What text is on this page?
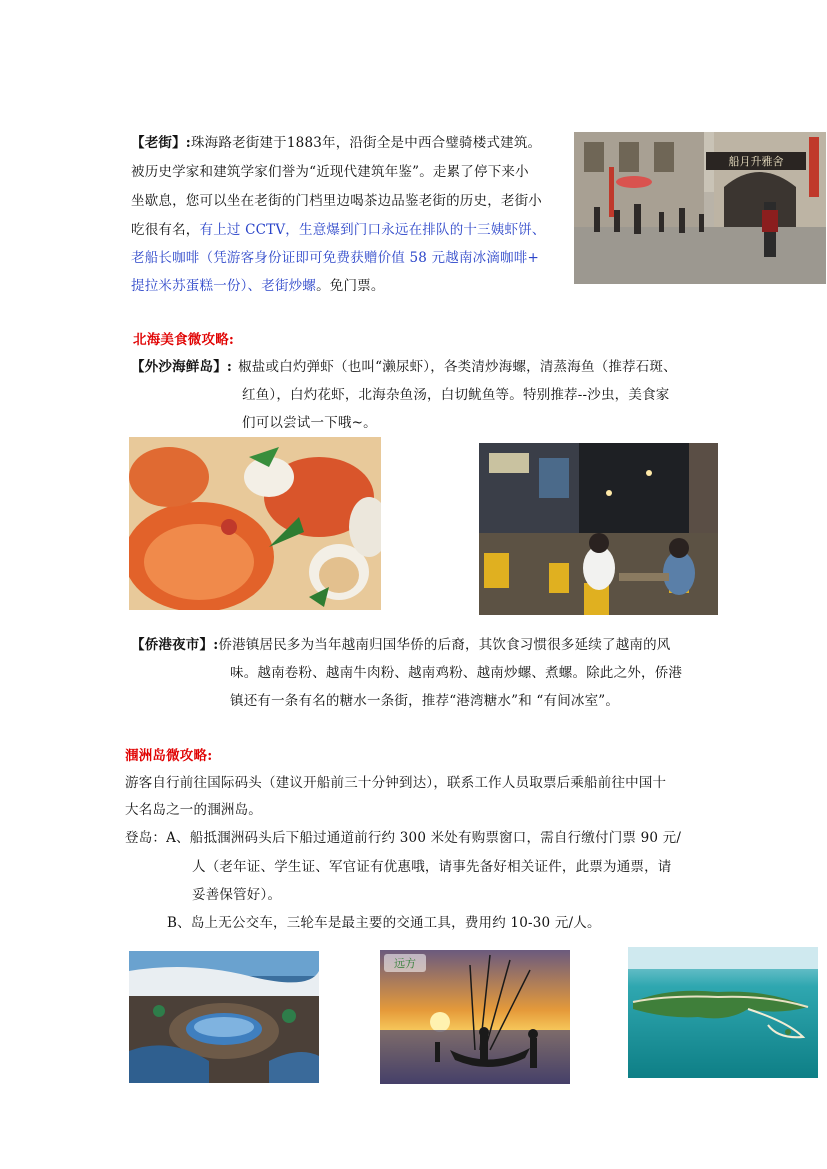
【老街】:珠海路老街建于1883年，沿街全是中西合璧骑楼式建筑。
被历史学家和建筑学家们誉为“近现代建筑年鉴”。走累了停下来小
坐歇息，您可以坐在老街的门档里边喝茶边品鉴老街的历史，老街小
吃很有名，有上过 CCTV，生意爆到门口永远在排队的十三姨虾饼、
老船长咖啡（凭游客身份证即可免费获赠价值 58 元越南冰滴咖啡+
提拉米苏蛋糕一份）、老街炒螺。免门票。
船月升雅舍
北海美食微攻略:
【外沙海鲜岛】: 椒盐或白灼弹虾（也叫“濑尿虾），各类清炒海螺，清蒸海鱼（推荐石斑、
红鱼），白灼花虾，北海杂鱼汤，白切鱿鱼等。特别推荐--沙虫，美食家
们可以尝试一下哦~。
【侨港夜市】:侨港镇居民多为当年越南归国华侨的后裔，其饮食习惯很多延续了越南的风
味。越南卷粉、越南牛肉粉、越南鸡粉、越南炒螺、煮螺。除此之外，侨港
镇还有一条有名的糖水一条街，推荐“港湾糖水”和 “有间冰室”。
涠洲岛微攻略:
游客自行前往国际码头（建议开船前三十分钟到达），联系工作人员取票后乘船前往中国十
大名岛之一的涠洲岛。
登岛：A、船抵涠洲码头后下船过通道前行约 300 米处有购票窗口，需自行缴付门票 90 元/
人（老年证、学生证、军官证有优惠哦，请事先备好相关证件，此票为通票，请
妥善保管好）。
B、岛上无公交车，三轮车是最主要的交通工具，费用约 10-30 元/人。
远方
